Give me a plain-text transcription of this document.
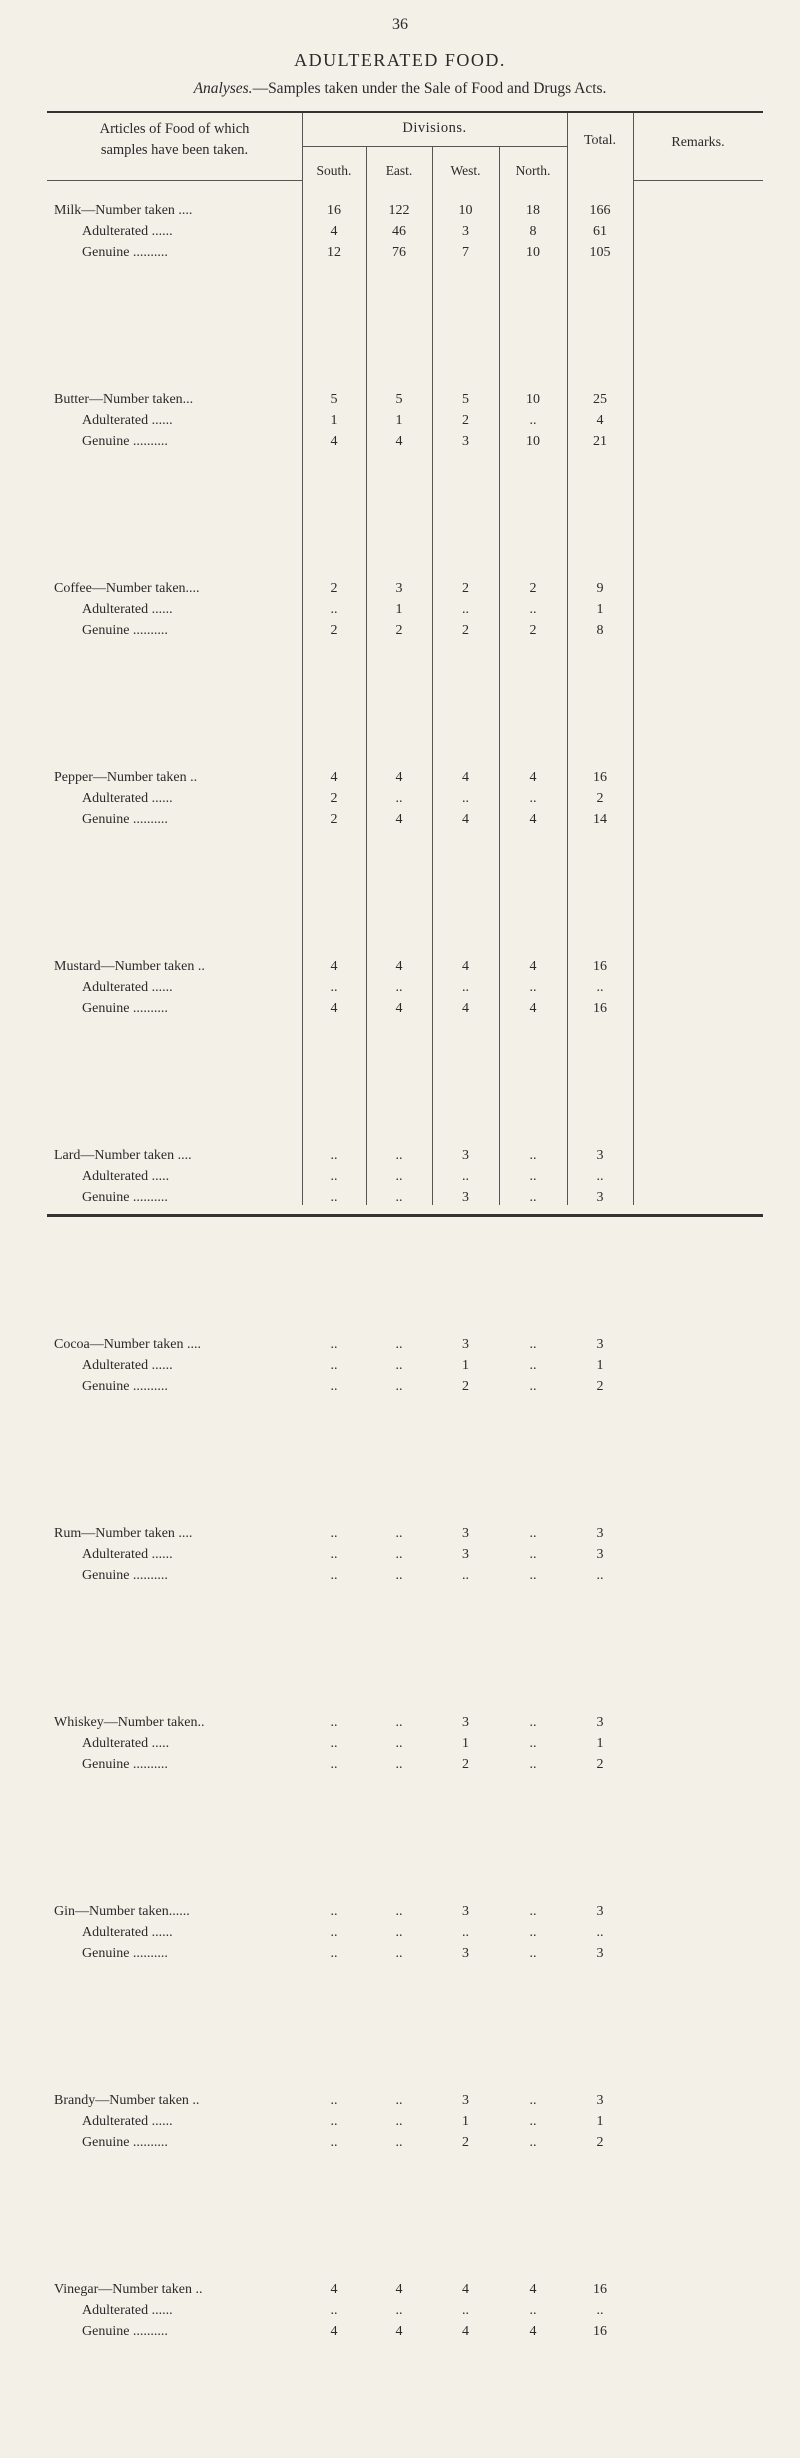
36
ADULTERATED FOOD.
Analyses.—Samples taken under the Sale of Food and Drugs Acts.
Articles of Food of which
samples have been taken.
Divisions.
South.	East.	West.	North.
Total.	Remarks.
Milk—Number taken ....	16	122	10	18	166
Adulterated ......	4	46	3	8	61
Genuine ..........	12	76	7	10	105
Butter—Number taken...	5	5	5	10	25
Adulterated ......	1	1	2	..	4
Genuine ..........	4	4	3	10	21
Coffee—Number taken....	2	3	2	2	9
Adulterated ......	..	1	..	..	1
Genuine ..........	2	2	2	2	8
Pepper—Number taken ..	4	4	4	4	16
Adulterated ......	2	..	..	..	2
Genuine ..........	2	4	4	4	14
Mustard—Number taken ..	4	4	4	4	16
Adulterated ......	..	..	..	..	..
Genuine ..........	4	4	4	4	16
Lard—Number taken ....	..	..	3	..	3
Adulterated .....	..	..	..	..	..
Genuine ..........	..	..	3	..	3
Cocoa—Number taken ....	..	..	3	..	3
Adulterated ......	..	..	1	..	1
Genuine ..........	..	..	2	..	2
Rum—Number taken ....	..	..	3	..	3
Adulterated ......	..	..	3	..	3
Genuine ..........	..	..	..	..	..
Whiskey—Number taken..	..	..	3	..	3
Adulterated .....	..	..	1	..	1
Genuine ..........	..	..	2	..	2
Gin—Number taken......	..	..	3	..	3
Adulterated ......	..	..	..	..	..
Genuine ..........	..	..	3	..	3
Brandy—Number taken ..	..	..	3	..	3
Adulterated ......	..	..	1	..	1
Genuine ..........	..	..	2	..	2
Vinegar—Number taken ..	4	4	4	4	16
Adulterated ......	..	..	..	..	..
Genuine ..........	4	4	4	4	16
